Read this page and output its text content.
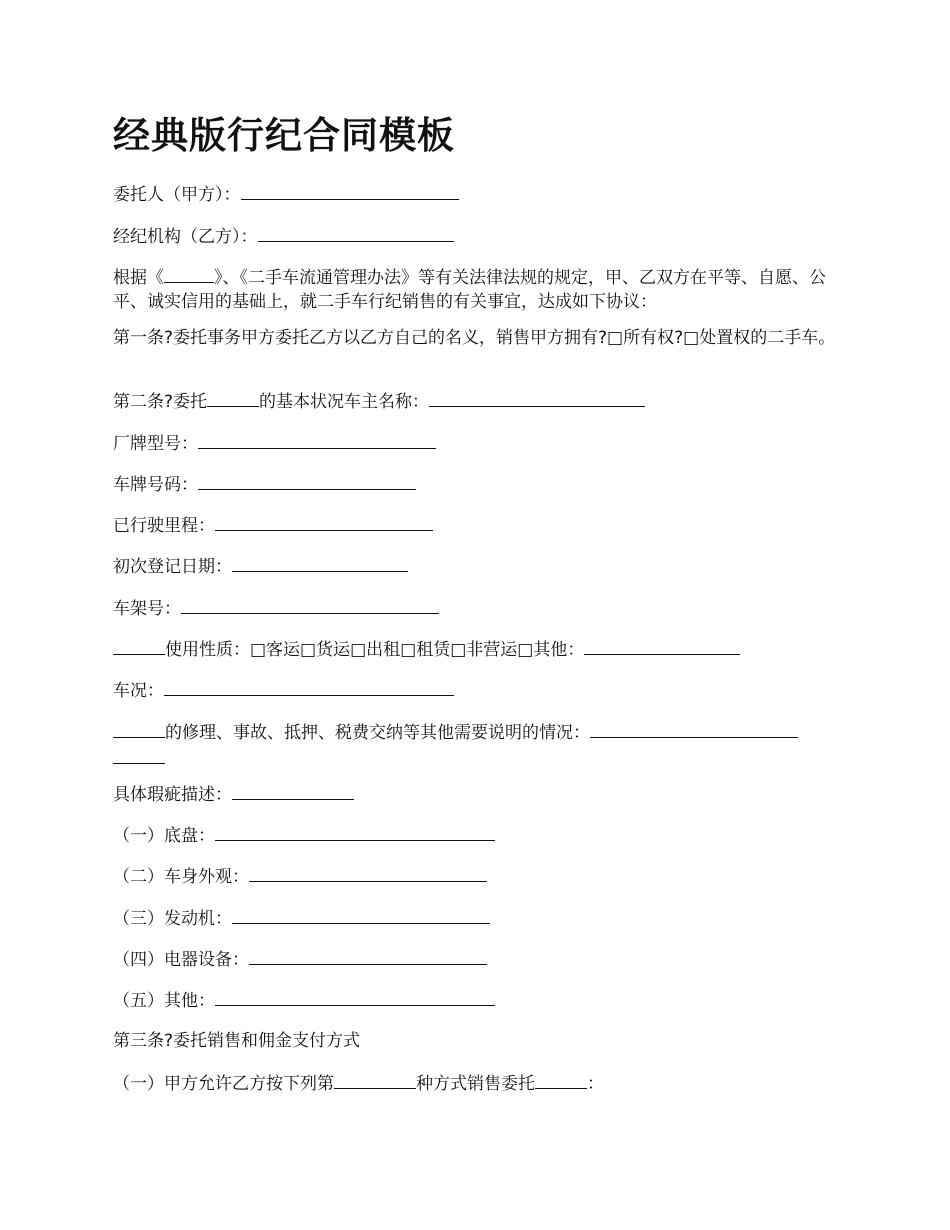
经典版行纪合同模板

委托人（甲方）：

经纪机构（乙方）：

根据《	》、《二手车流通管理办法》等有关法律法规的规定，甲、乙双方在平等、自愿、公平、诚实信用的基础上，就二手车行纪销售的有关事宜，达成如下协议：

第一条?委托事务甲方委托乙方以乙方自己的名义，销售甲方拥有?□所有权?□处置权的二手车。

第二条?委托	的基本状况车主名称：

厂牌型号：

车牌号码：

已行驶里程：

初次登记日期：

车架号：

使用性质：□客运□货运□出租□租赁□非营运□其他：

车况：

的修理、事故、抵押、税费交纳等其他需要说明的情况：

具体瑕疵描述：

（一）底盘：

（二）车身外观：

（三）发动机：

（四）电器设备：

（五）其他：

第三条?委托销售和佣金支付方式

（一）甲方允许乙方按下列第	种方式销售委托	：
